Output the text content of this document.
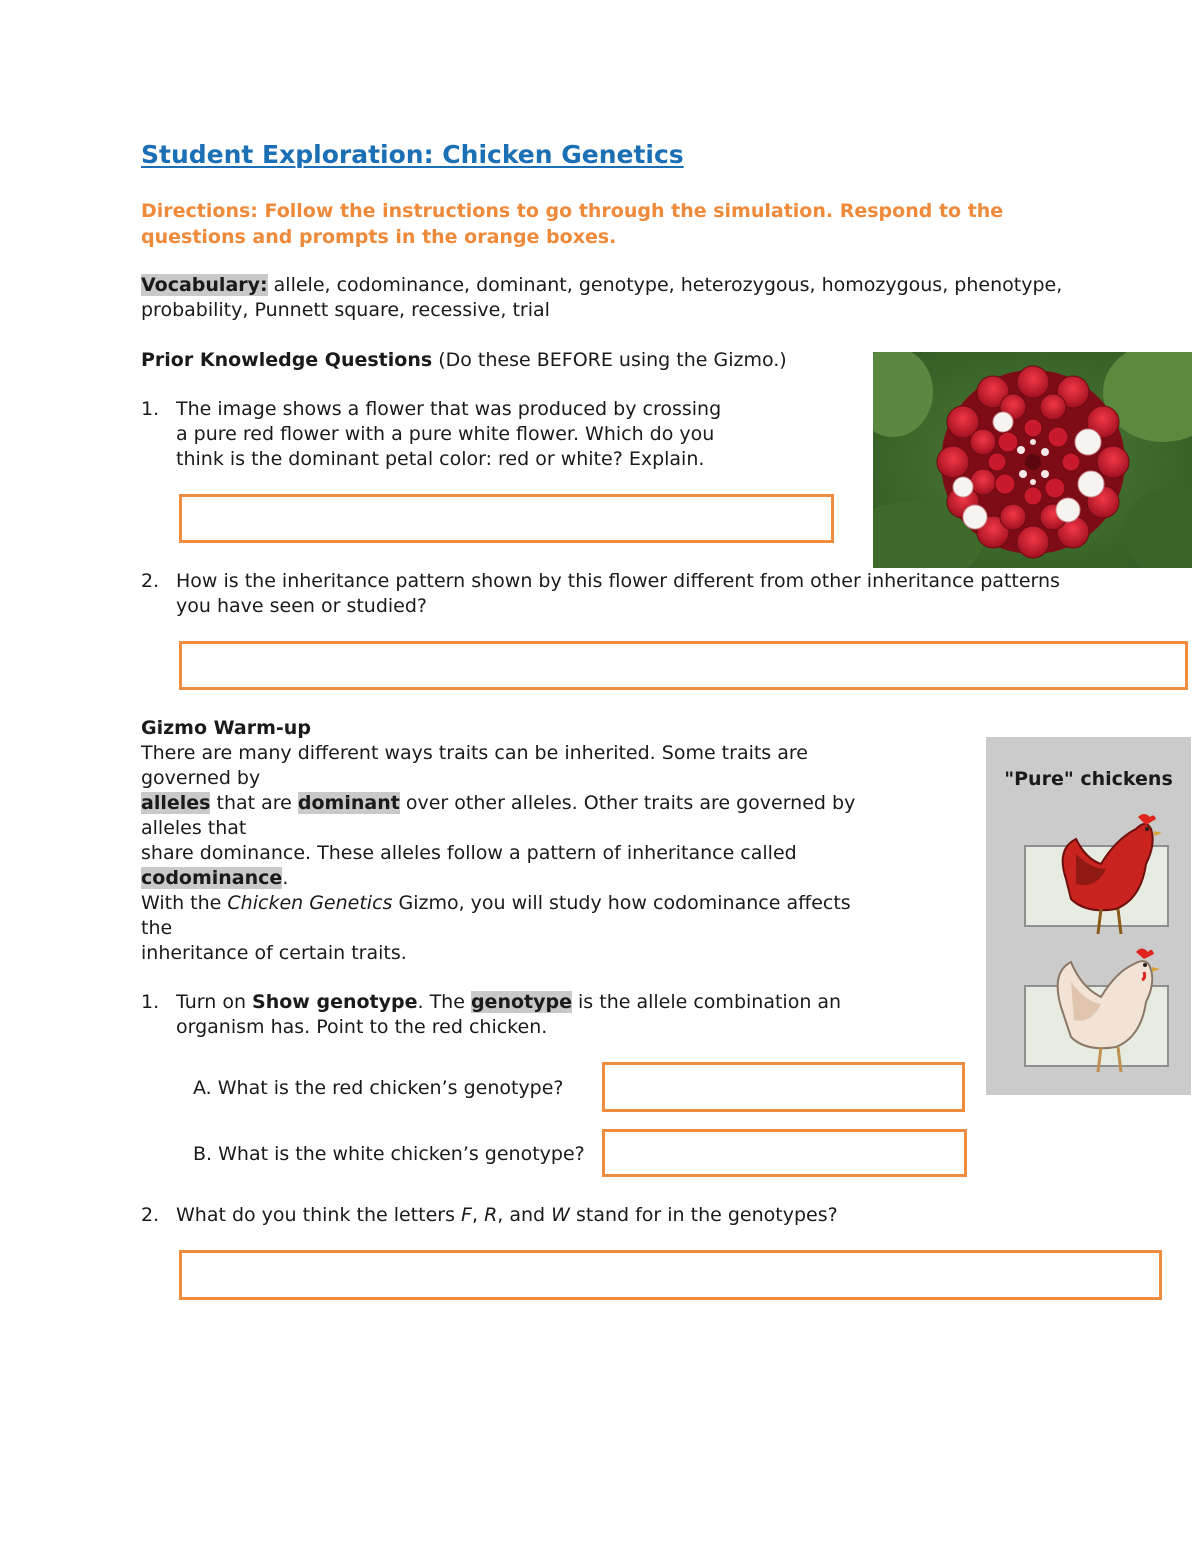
Student Exploration: Chicken Genetics
Directions: Follow the instructions to go through the simulation. Respond to the
questions and prompts in the orange boxes.
Vocabulary: allele, codominance, dominant, genotype, heterozygous, homozygous, phenotype,
probability, Punnett square, recessive, trial
Prior Knowledge Questions (Do these BEFORE using the Gizmo.)
1. The image shows a flower that was produced by crossing
a pure red flower with a pure white flower. Which do you
think is the dominant petal color: red or white? Explain.
2. How is the inheritance pattern shown by this flower different from other inheritance patterns
you have seen or studied?
Gizmo Warm-up
There are many different ways traits can be inherited. Some traits are
governed by
alleles that are dominant over other alleles. Other traits are governed by
alleles that
share dominance. These alleles follow a pattern of inheritance called
codominance.
With the Chicken Genetics Gizmo, you will study how codominance affects
the
inheritance of certain traits.
"Pure" chickens
1. Turn on Show genotype. The genotype is the allele combination an
organism has. Point to the red chicken.
A. What is the red chicken’s genotype?
B. What is the white chicken’s genotype?
2. What do you think the letters F, R, and W stand for in the genotypes?
